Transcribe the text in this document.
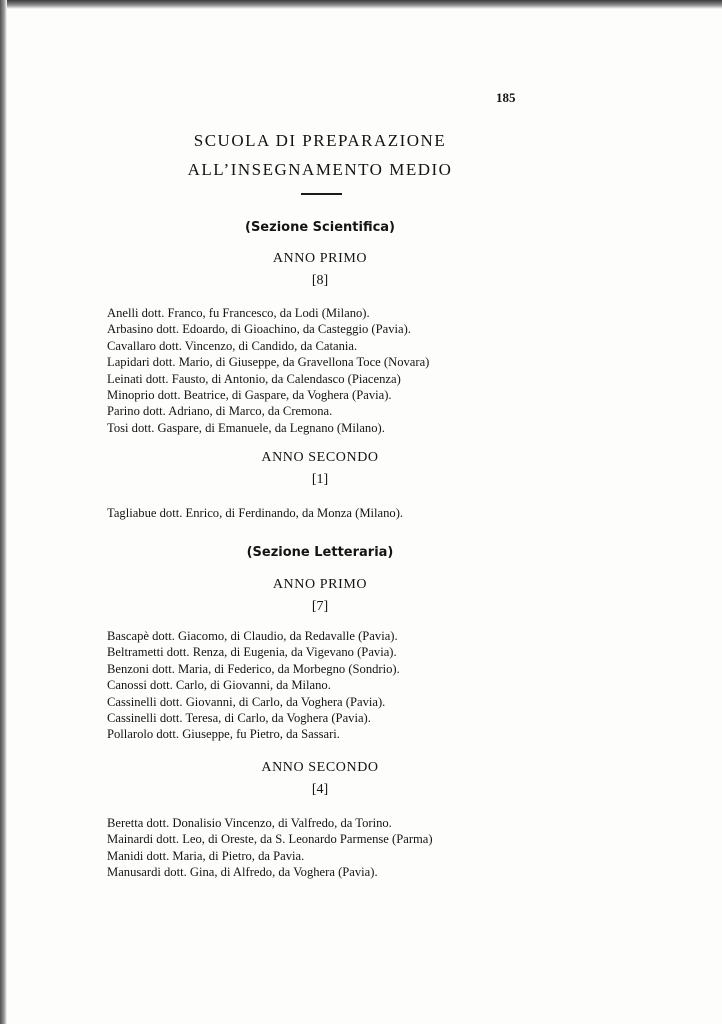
185
SCUOLA DI PREPARAZIONE
ALL’INSEGNAMENTO MEDIO
(Sezione Scientifica)
ANNO PRIMO
[8]
Anelli dott. Franco, fu Francesco, da Lodi (Milano).
Arbasino dott. Edoardo, di Gioachino, da Casteggio (Pavia).
Cavallaro dott. Vincenzo, di Candido, da Catania.
Lapidari dott. Mario, di Giuseppe, da Gravellona Toce (Novara)
Leinati dott. Fausto, di Antonio, da Calendasco (Piacenza)
Minoprio dott. Beatrice, di Gaspare, da Voghera (Pavia).
Parino dott. Adriano, di Marco, da Cremona.
Tosi dott. Gaspare, di Emanuele, da Legnano (Milano).
ANNO SECONDO
[1]
Tagliabue dott. Enrico, di Ferdinando, da Monza (Milano).
(Sezione Letteraria)
ANNO PRIMO
[7]
Bascapè dott. Giacomo, di Claudio, da Redavalle (Pavia).
Beltrametti dott. Renza, di Eugenia, da Vigevano (Pavia).
Benzoni dott. Maria, di Federico, da Morbegno (Sondrio).
Canossi dott. Carlo, di Giovanni, da Milano.
Cassinelli dott. Giovanni, di Carlo, da Voghera (Pavia).
Cassinelli dott. Teresa, di Carlo, da Voghera (Pavia).
Pollarolo dott. Giuseppe, fu Pietro, da Sassari.
ANNO SECONDO
[4]
Beretta dott. Donalisio Vincenzo, di Valfredo, da Torino.
Mainardi dott. Leo, di Oreste, da S. Leonardo Parmense (Parma)
Manidi dott. Maria, di Pietro, da Pavia.
Manusardi dott. Gina, di Alfredo, da Voghera (Pavia).
